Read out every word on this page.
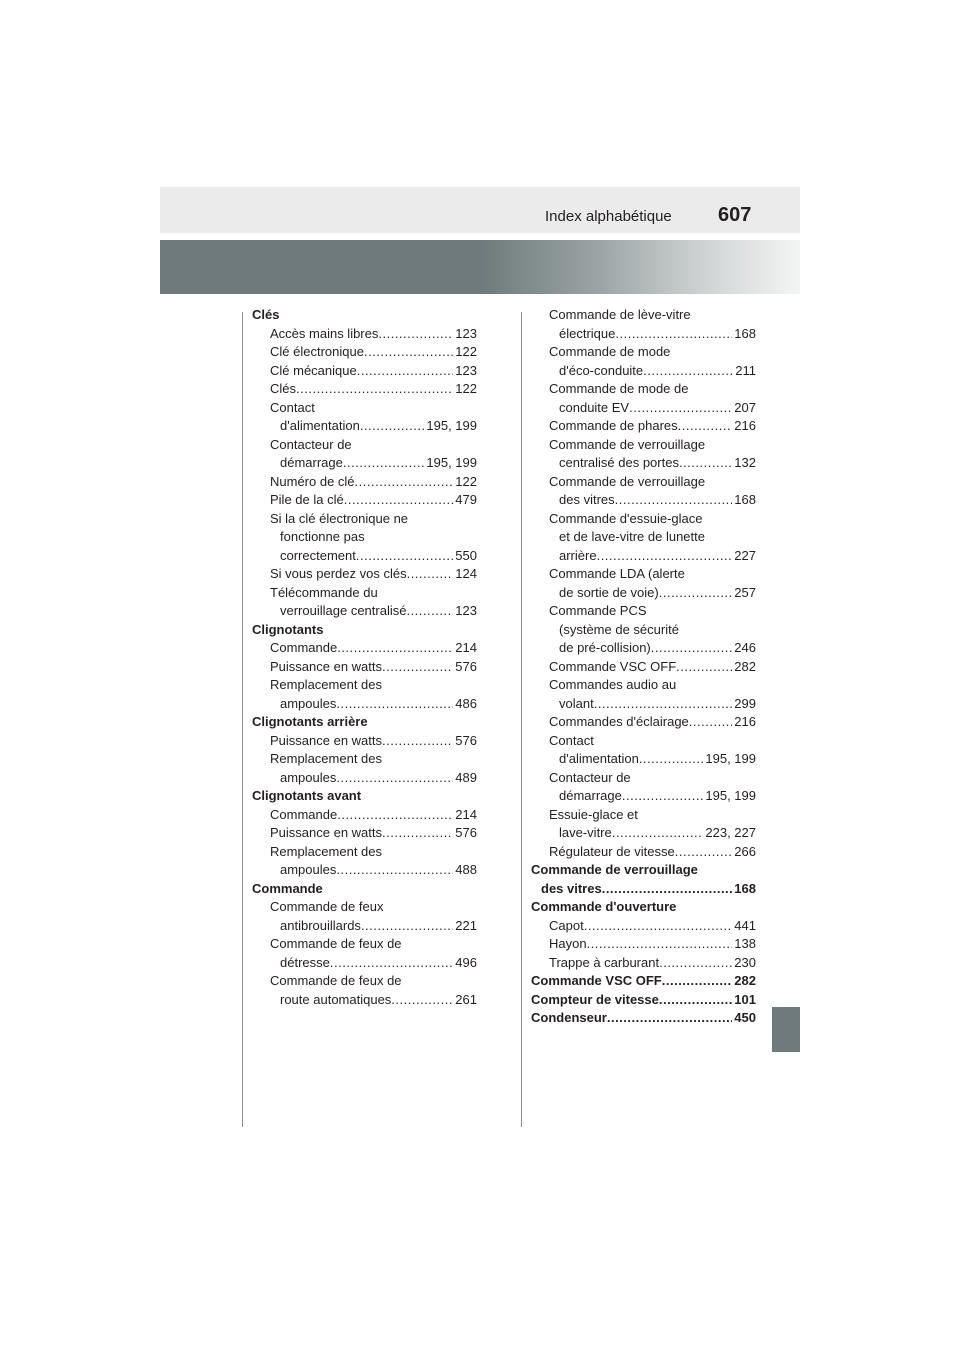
Index alphabétique 607
Clés
Accès mains libres .....	123
Clé électronique .....	122
Clé mécanique .....	123
Clés .....	122
Contact
d'alimentation .....	195, 199
Contacteur de
démarrage .....	195, 199
Numéro de clé .....	122
Pile de la clé .....	479
Si la clé électronique ne
fonctionne pas
correctement .....	550
Si vous perdez vos clés .....	124
Télécommande du
verrouillage centralisé .....	123
Clignotants
Commande .....	214
Puissance en watts .....	576
Remplacement des
ampoules .....	486
Clignotants arrière
Puissance en watts .....	576
Remplacement des
ampoules .....	489
Clignotants avant
Commande .....	214
Puissance en watts .....	576
Remplacement des
ampoules .....	488
Commande
Commande de feux
antibrouillards .....	221
Commande de feux de
détresse .....	496
Commande de feux de
route automatiques .....	261
Commande de lève-vitre
électrique .....	168
Commande de mode
d'éco-conduite .....	211
Commande de mode de
conduite EV .....	207
Commande de phares .....	216
Commande de verrouillage
centralisé des portes .....	132
Commande de verrouillage
des vitres .....	168
Commande d'essuie-glace
et de lave-vitre de lunette
arrière .....	227
Commande LDA (alerte
de sortie de voie) .....	257
Commande PCS
(système de sécurité
de pré-collision) .....	246
Commande VSC OFF .....	282
Commandes audio au
volant .....	299
Commandes d'éclairage .....	216
Contact
d'alimentation .....	195, 199
Contacteur de
démarrage .....	195, 199
Essuie-glace et
lave-vitre .....	223, 227
Régulateur de vitesse .....	266
Commande de verrouillage
des vitres .....	168
Commande d'ouverture
Capot .....	441
Hayon .....	138
Trappe à carburant .....	230
Commande VSC OFF .....	282
Compteur de vitesse .....	101
Condenseur .....	450
